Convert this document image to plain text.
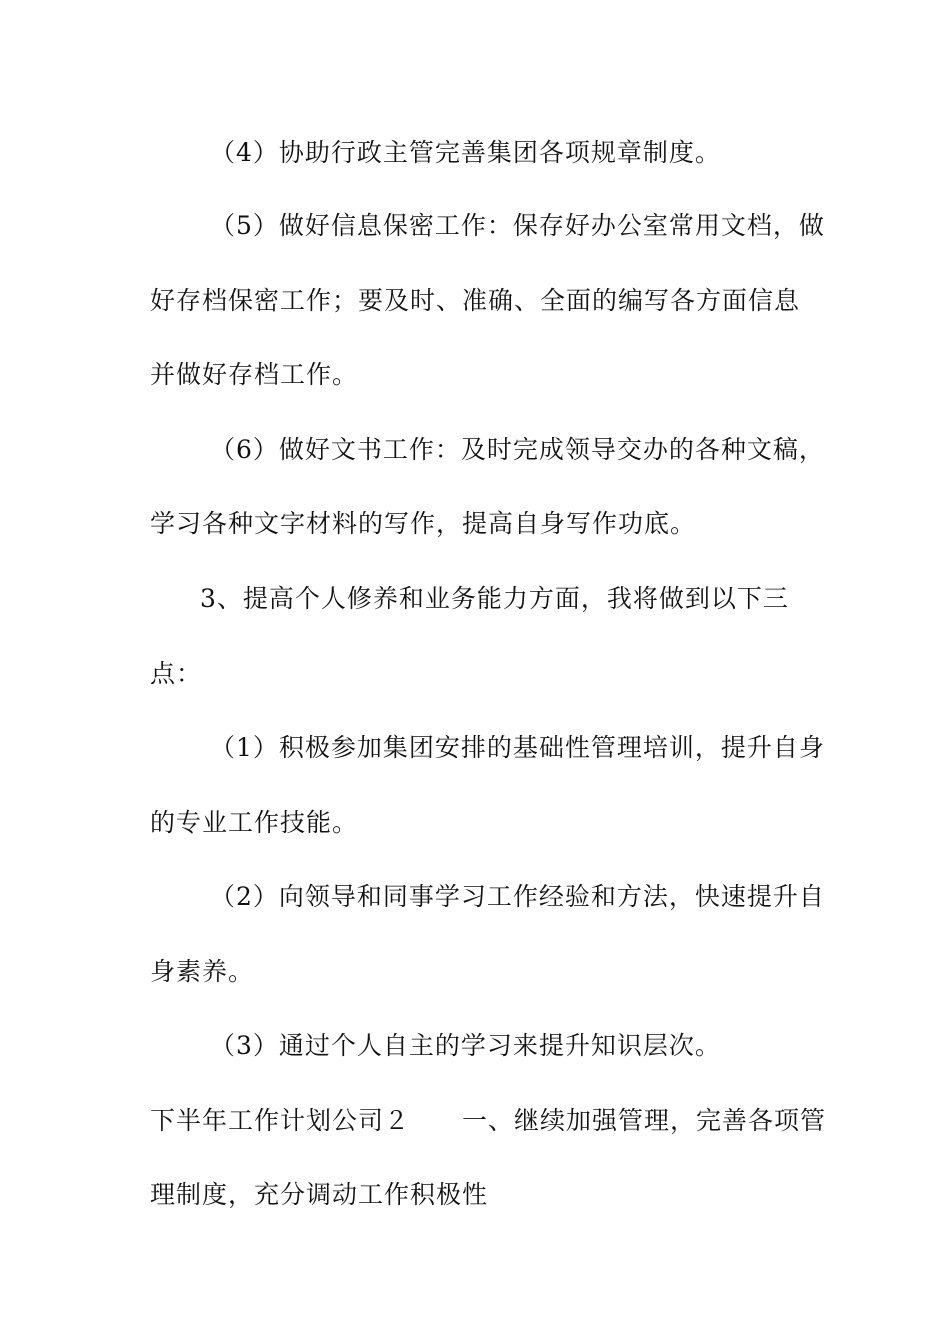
（4）协助行政主管完善集团各项规章制度。
（5）做好信息保密工作：保存好办公室常用文档，做
好存档保密工作；要及时、准确、全面的编写各方面信息
并做好存档工作。
（6）做好文书工作：及时完成领导交办的各种文稿，
学习各种文字材料的写作，提高自身写作功底。
3、提高个人修养和业务能力方面，我将做到以下三
点：
（1）积极参加集团安排的基础性管理培训，提升自身
的专业工作技能。
（2）向领导和同事学习工作经验和方法，快速提升自
身素养。
（3）通过个人自主的学习来提升知识层次。
下半年工作计划公司２　　一、继续加强管理，完善各项管
理制度，充分调动工作积极性
